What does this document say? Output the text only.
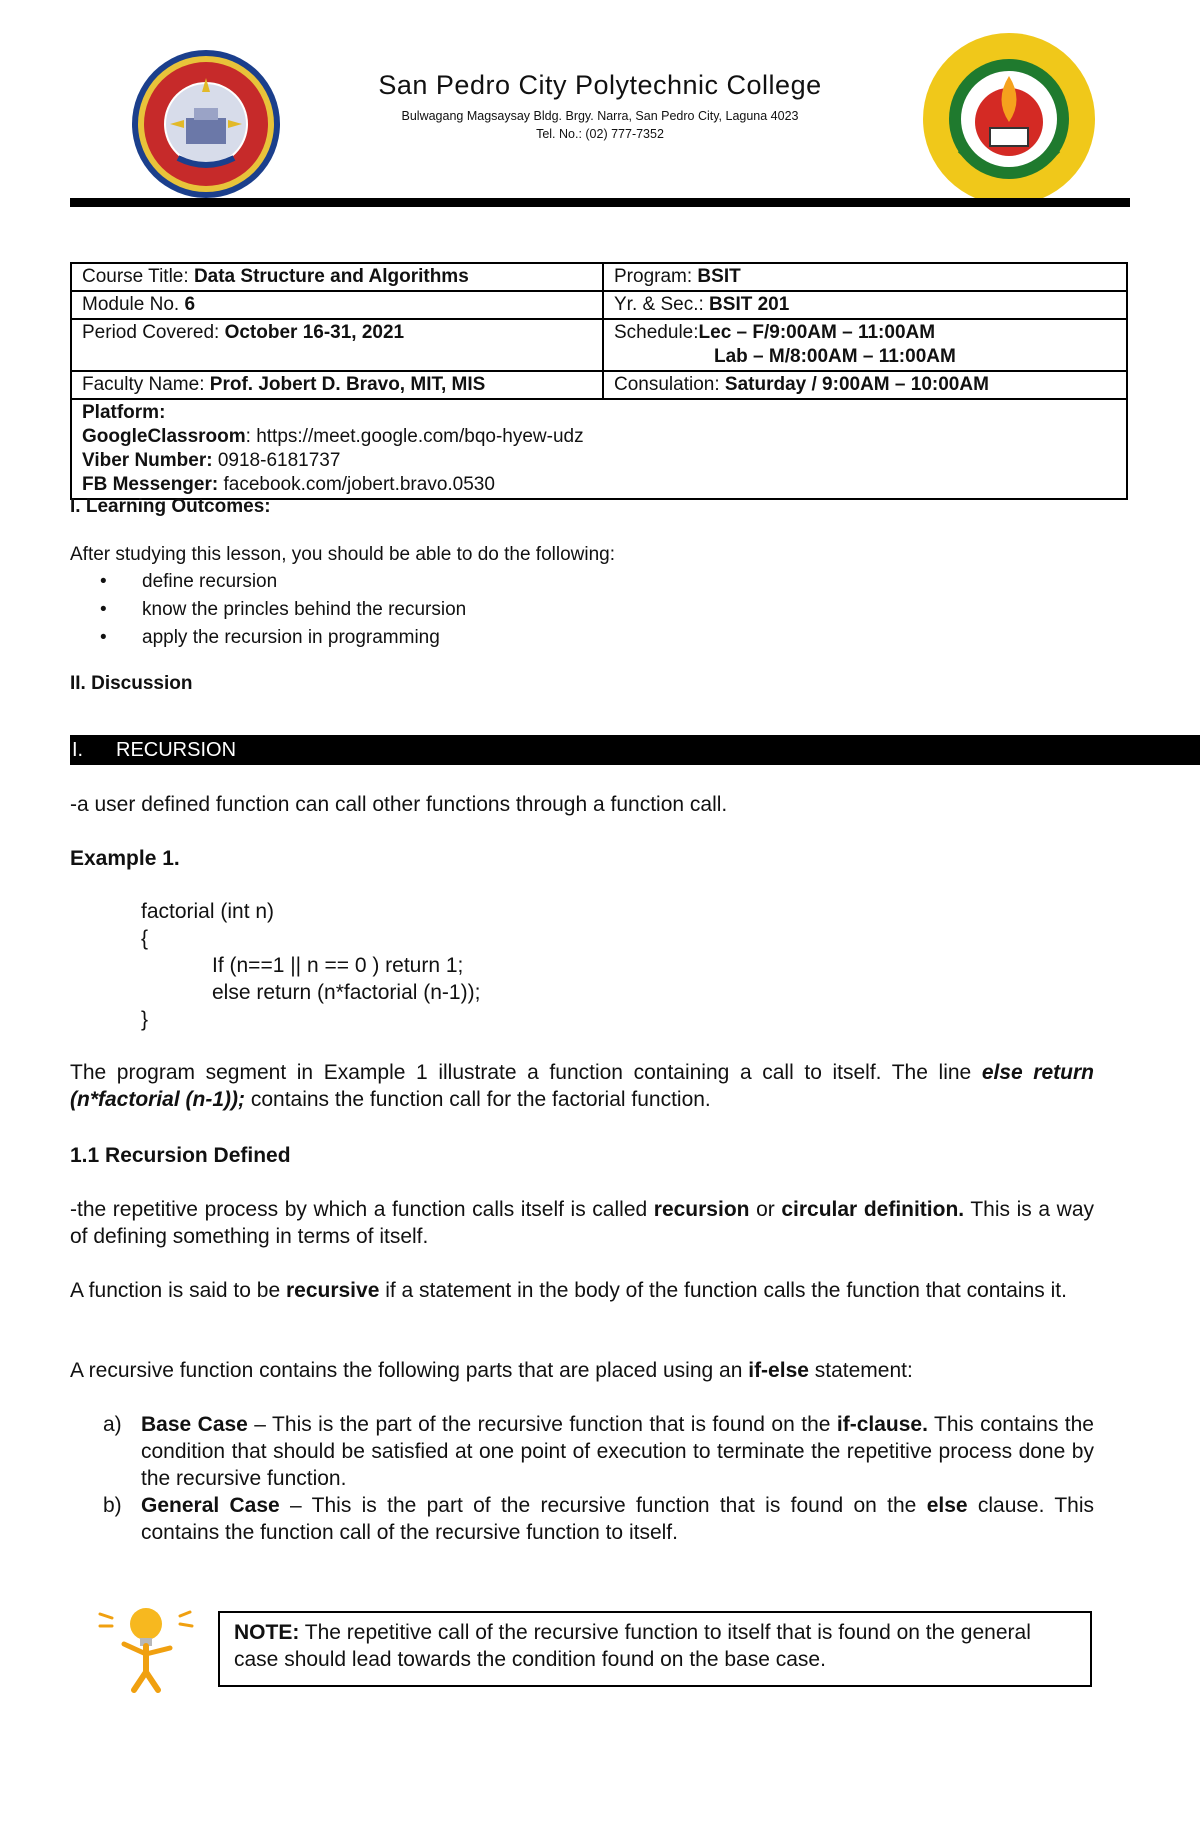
San Pedro City Polytechnic College
Bulwagang Magsaysay Bldg. Brgy. Narra, San Pedro City, Laguna 4023
Tel. No.: (02) 777-7352
Course Title: Data Structure and Algorithms	Program: BSIT
Module No. 6	Yr. & Sec.: BSIT 201
Period Covered: October 16-31, 2021	Schedule:Lec – F/9:00AM – 11:00AM
Lab – M/8:00AM – 11:00AM

Faculty Name: Prof. Jobert D. Bravo, MIT, MIS	Consulation: Saturday / 9:00AM – 10:00AM

Platform:
GoogleClassroom: https://meet.google.com/bqo-hyew-udz
Viber Number: 0918-6181737
FB Messenger: facebook.com/jobert.bravo.0530	
I. Learning Outcomes:
After studying this lesson, you should be able to do the following:
• define recursion
• know the princles behind the recursion
• apply the recursion in programming
II. Discussion
I. RECURSION
-a user defined function can call other functions through a function call.
Example 1.
factorial (int n)
{
If (n==1 || n == 0 ) return 1;
else return (n*factorial (n-1));
}
The program segment in Example 1 illustrate a function containing a call to itself. The line else return (n*factorial (n-1)); contains the function call for the factorial function.
1.1 Recursion Defined
-the repetitive process by which a function calls itself is called recursion or circular definition. This is a way of defining something in terms of itself.
A function is said to be recursive if a statement in the body of the function calls the function that contains it.
A recursive function contains the following parts that are placed using an if-else statement:
a) Base Case – This is the part of the recursive function that is found on the if-clause. This contains the condition that should be satisfied at one point of execution to terminate the repetitive process done by the recursive function.
b) General Case – This is the part of the recursive function that is found on the else clause. This contains the function call of the recursive function to itself.
NOTE: The repetitive call of the recursive function to itself that is found on the general case should lead towards the condition found on the base case.
